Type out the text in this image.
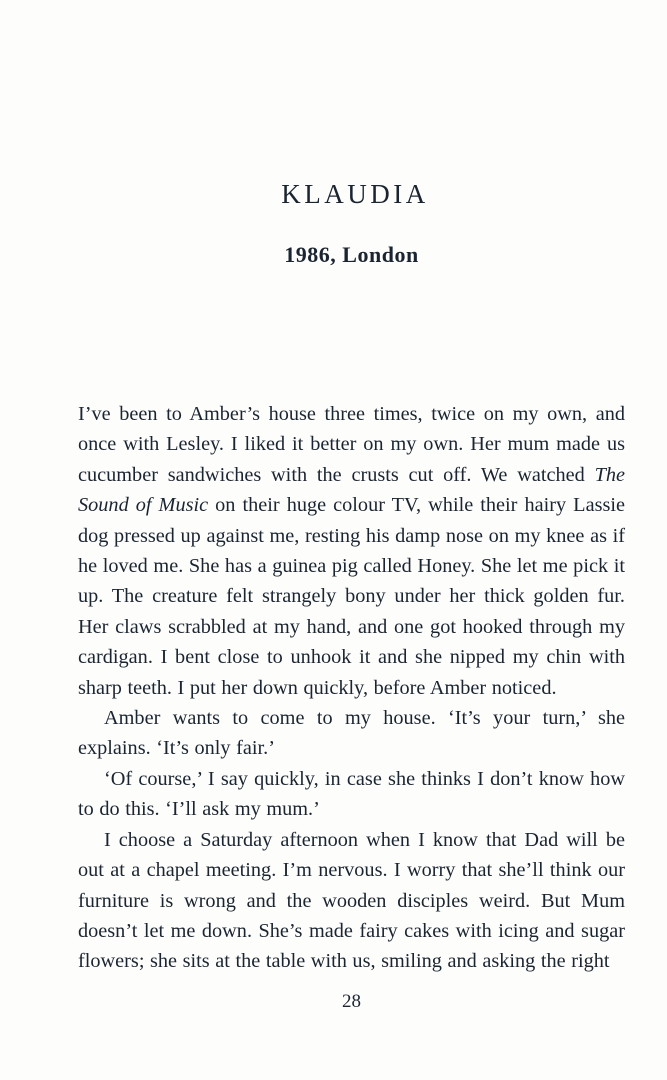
KLAUDIA
1986, London

I’ve been to Amber’s house three times, twice on my own, and once with Lesley. I liked it better on my own. Her mum made us cucumber sandwiches with the crusts cut off. We watched The Sound of Music on their huge colour TV, while their hairy Lassie dog pressed up against me, resting his damp nose on my knee as if he loved me. She has a guinea pig called Honey. She let me pick it up. The creature felt strangely bony under her thick golden fur. Her claws scrabbled at my hand, and one got hooked through my cardigan. I bent close to unhook it and she nipped my chin with sharp teeth. I put her down quickly, before Amber noticed.

Amber wants to come to my house. ‘It’s your turn,’ she explains. ‘It’s only fair.’

‘Of course,’ I say quickly, in case she thinks I don’t know how to do this. ‘I’ll ask my mum.’

I choose a Saturday afternoon when I know that Dad will be out at a chapel meeting. I’m nervous. I worry that she’ll think our furniture is wrong and the wooden disciples weird. But Mum doesn’t let me down. She’s made fairy cakes with icing and sugar flowers; she sits at the table with us, smiling and asking the right

28
